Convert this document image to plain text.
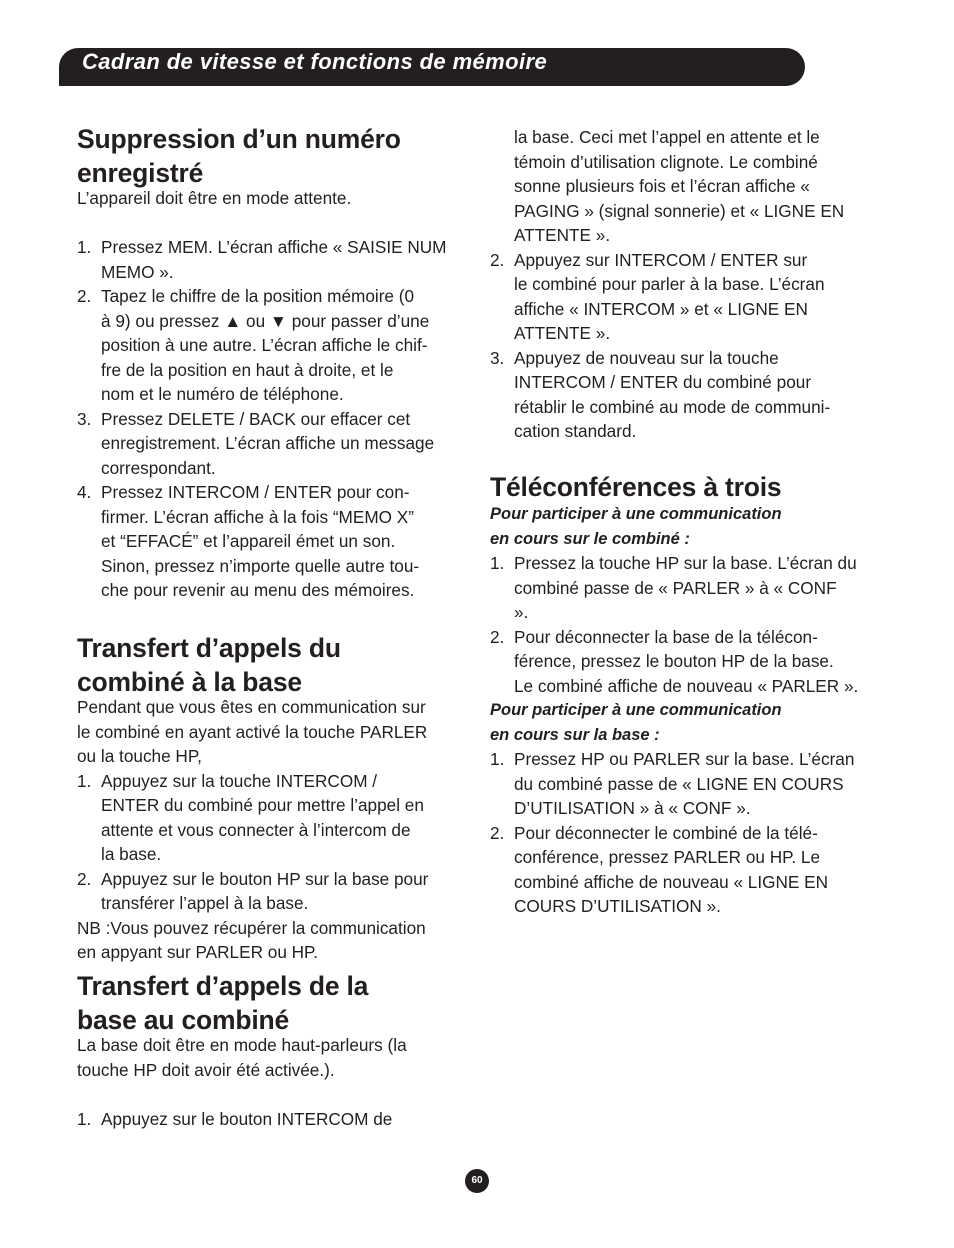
Cadran de vitesse et fonctions de mémoire
Suppression d’un numéro
enregistré

L’appareil doit être en mode attente.

1. Pressez MEM. L’écran affiche « SAISIE NUM
MEMO ».
2. Tapez le chiffre de la position mémoire (0
à 9) ou pressez ▲ ou ▼ pour passer d’une
position à une autre. L’écran affiche le chif-
fre de la position en haut à droite, et le
nom et le numéro de téléphone.
3. Pressez DELETE / BACK our effacer cet
enregistrement. L’écran affiche un message
correspondant.
4. Pressez INTERCOM / ENTER pour con-
firmer. L’écran affiche à la fois “MEMO X”
et “EFFACÉ” et l’appareil émet un son.
Sinon, pressez n’importe quelle autre tou-
che pour revenir au menu des mémoires.
Transfert d’appels du
combiné à la base

Pendant que vous êtes en communication sur
le combiné en ayant activé la touche PARLER
ou la touche HP,

1. Appuyez sur la touche INTERCOM /
ENTER du combiné pour mettre l’appel en
attente et vous connecter à l’intercom de
la base.
2. Appuyez sur le bouton HP sur la base pour
transférer l’appel à la base.

NB :Vous pouvez récupérer la communication
en appyant sur PARLER ou HP.

Transfert d’appels de la
base au combiné

La base doit être en mode haut-parleurs (la
touche HP doit avoir été activée.).

1. Appuyez sur le bouton INTERCOM de
la base. Ceci met l’appel en attente et le
témoin d’utilisation clignote. Le combiné
sonne plusieurs fois et l’écran affiche «
PAGING » (signal sonnerie) et « LIGNE EN
ATTENTE ».
2. Appuyez sur INTERCOM / ENTER sur
le combiné pour parler à la base. L’écran
affiche « INTERCOM » et « LIGNE EN
ATTENTE ».
3. Appuyez de nouveau sur la touche
INTERCOM / ENTER du combiné pour
rétablir le combiné au mode de communi-
cation standard.
Téléconférences à trois

Pour participer à une communication
en cours sur le combiné :

1. Pressez la touche HP sur la base. L’écran du
combiné passe de « PARLER » à « CONF
».
2. Pour déconnecter la base de la télécon-
férence, pressez le bouton HP de la base.
Le combiné affiche de nouveau « PARLER ».

Pour participer à une communication
en cours sur la base :

1. Pressez HP ou PARLER sur la base. L’écran
du combiné passe de « LIGNE EN COURS
D’UTILISATION » à « CONF ».
2. Pour déconnecter le combiné de la télé-
conférence, pressez PARLER ou HP. Le
combiné affiche de nouveau « LIGNE EN
COURS D’UTILISATION ».
60
